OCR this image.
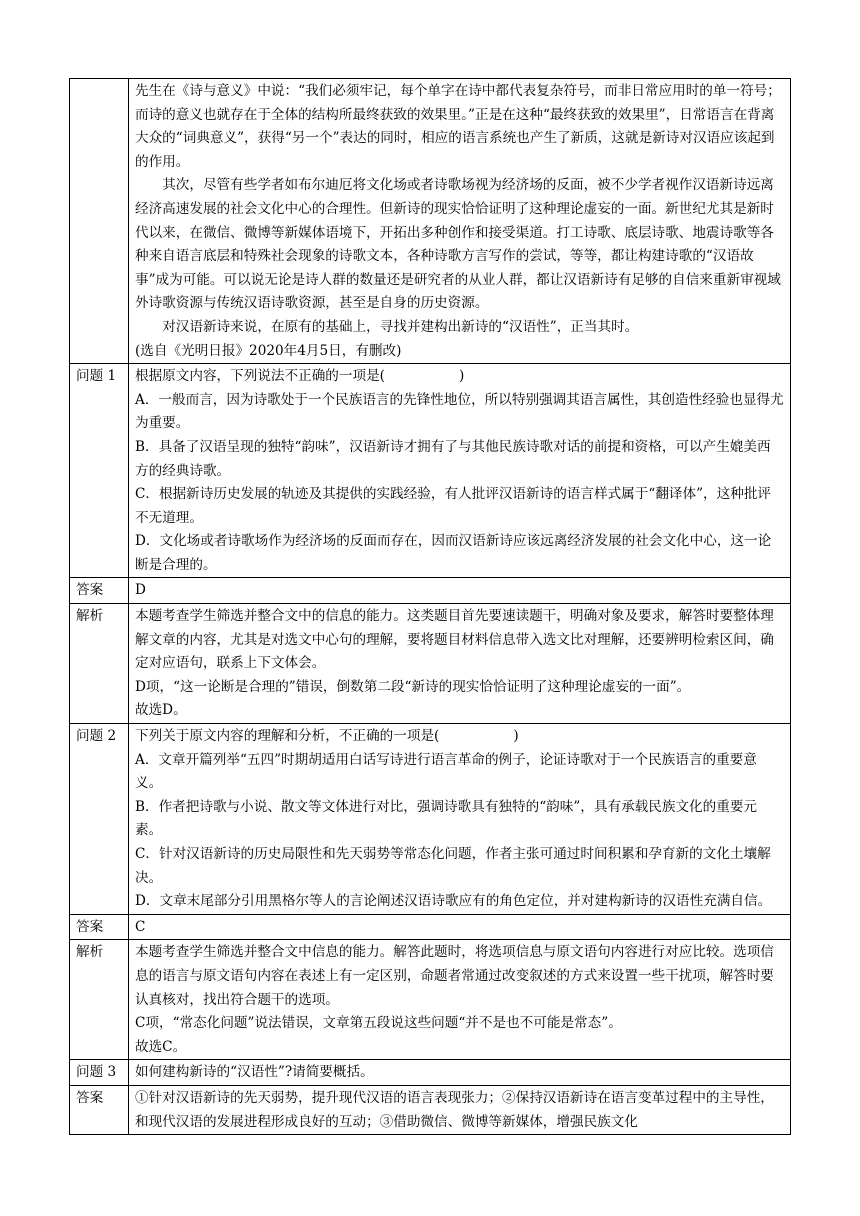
	先生在《诗与意义》中说：“我们必须牢记，每个单字在诗中都代表复杂符号，而非日常应用时的单一符号；而诗的意义也就存在于全体的结构所最终获致的效果里。”正是在这种“最终获致的效果里”，日常语言在背离大众的“词典意义”，获得“另一个”表达的同时，相应的语言系统也产生了新质，这就是新诗对汉语应该起到的作用。

其次，尽管有些学者如布尔迪厄将文化场或者诗歌场视为经济场的反面，被不少学者视作汉语新诗远离经济高速发展的社会文化中心的合理性。但新诗的现实恰恰证明了这种理论虚妄的一面。新世纪尤其是新时代以来，在微信、微博等新媒体语境下，开拓出多种创作和接受渠道。打工诗歌、底层诗歌、地震诗歌等各种来自语言底层和特殊社会现象的诗歌文本，各种诗歌方言写作的尝试，等等，都让构建诗歌的“汉语故事”成为可能。可以说无论是诗人群的数量还是研究者的从业人群，都让汉语新诗有足够的自信来重新审视域外诗歌资源与传统汉语诗歌资源，甚至是自身的历史资源。

对汉语新诗来说，在原有的基础上，寻找并建构出新诗的“汉语性”，正当其时。

(选自《光明日报》2020年4月5日，有删改)

问题 1	根据原文内容，下列说法不正确的一项是( )

A．一般而言，因为诗歌处于一个民族语言的先锋性地位，所以特别强调其语言属性，其创造性经验也显得尤为重要。

B．具备了汉语呈现的独特“韵味”，汉语新诗才拥有了与其他民族诗歌对话的前提和资格，可以产生媲美西方的经典诗歌。

C．根据新诗历史发展的轨迹及其提供的实践经验，有人批评汉语新诗的语言样式属于“翻译体”，这种批评不无道理。

D．文化场或者诗歌场作为经济场的反面而存在，因而汉语新诗应该远离经济发展的社会文化中心，这一论断是合理的。

答案	D
解析	本题考查学生筛选并整合文中的信息的能力。这类题目首先要速读题干，明确对象及要求，解答时要整体理解文章的内容，尤其是对选文中心句的理解，要将题目材料信息带入选文比对理解，还要辨明检索区间，确定对应语句，联系上下文体会。

D项，“这一论断是合理的”错误，倒数第二段“新诗的现实恰恰证明了这种理论虚妄的一面”。

故选D。

问题 2	下列关于原文内容的理解和分析，不正确的一项是( )

A．文章开篇列举“五四”时期胡适用白话写诗进行语言革命的例子，论证诗歌对于一个民族语言的重要意义。

B．作者把诗歌与小说、散文等文体进行对比，强调诗歌具有独特的“韵味”，具有承载民族文化的重要元素。

C．针对汉语新诗的历史局限性和先天弱势等常态化问题，作者主张可通过时间积累和孕育新的文化土壤解决。

D．文章末尾部分引用黑格尔等人的言论阐述汉语诗歌应有的角色定位，并对建构新诗的汉语性充满自信。

答案	C
解析	本题考查学生筛选并整合文中信息的能力。解答此题时，将选项信息与原文语句内容进行对应比较。选项信息的语言与原文语句内容在表述上有一定区别，命题者常通过改变叙述的方式来设置一些干扰项，解答时要认真核对，找出符合题干的选项。

C项，“常态化问题”说法错误，文章第五段说这些问题“并不是也不可能是常态”。

故选C。

问题 3	如何建构新诗的“汉语性”?请简要概括。
答案	①针对汉语新诗的先天弱势，提升现代汉语的语言表现张力；②保持汉语新诗在语言变革过程中的主导性，和现代汉语的发展进程形成良好的互动；③借助微信、微博等新媒体，增强民族文化
